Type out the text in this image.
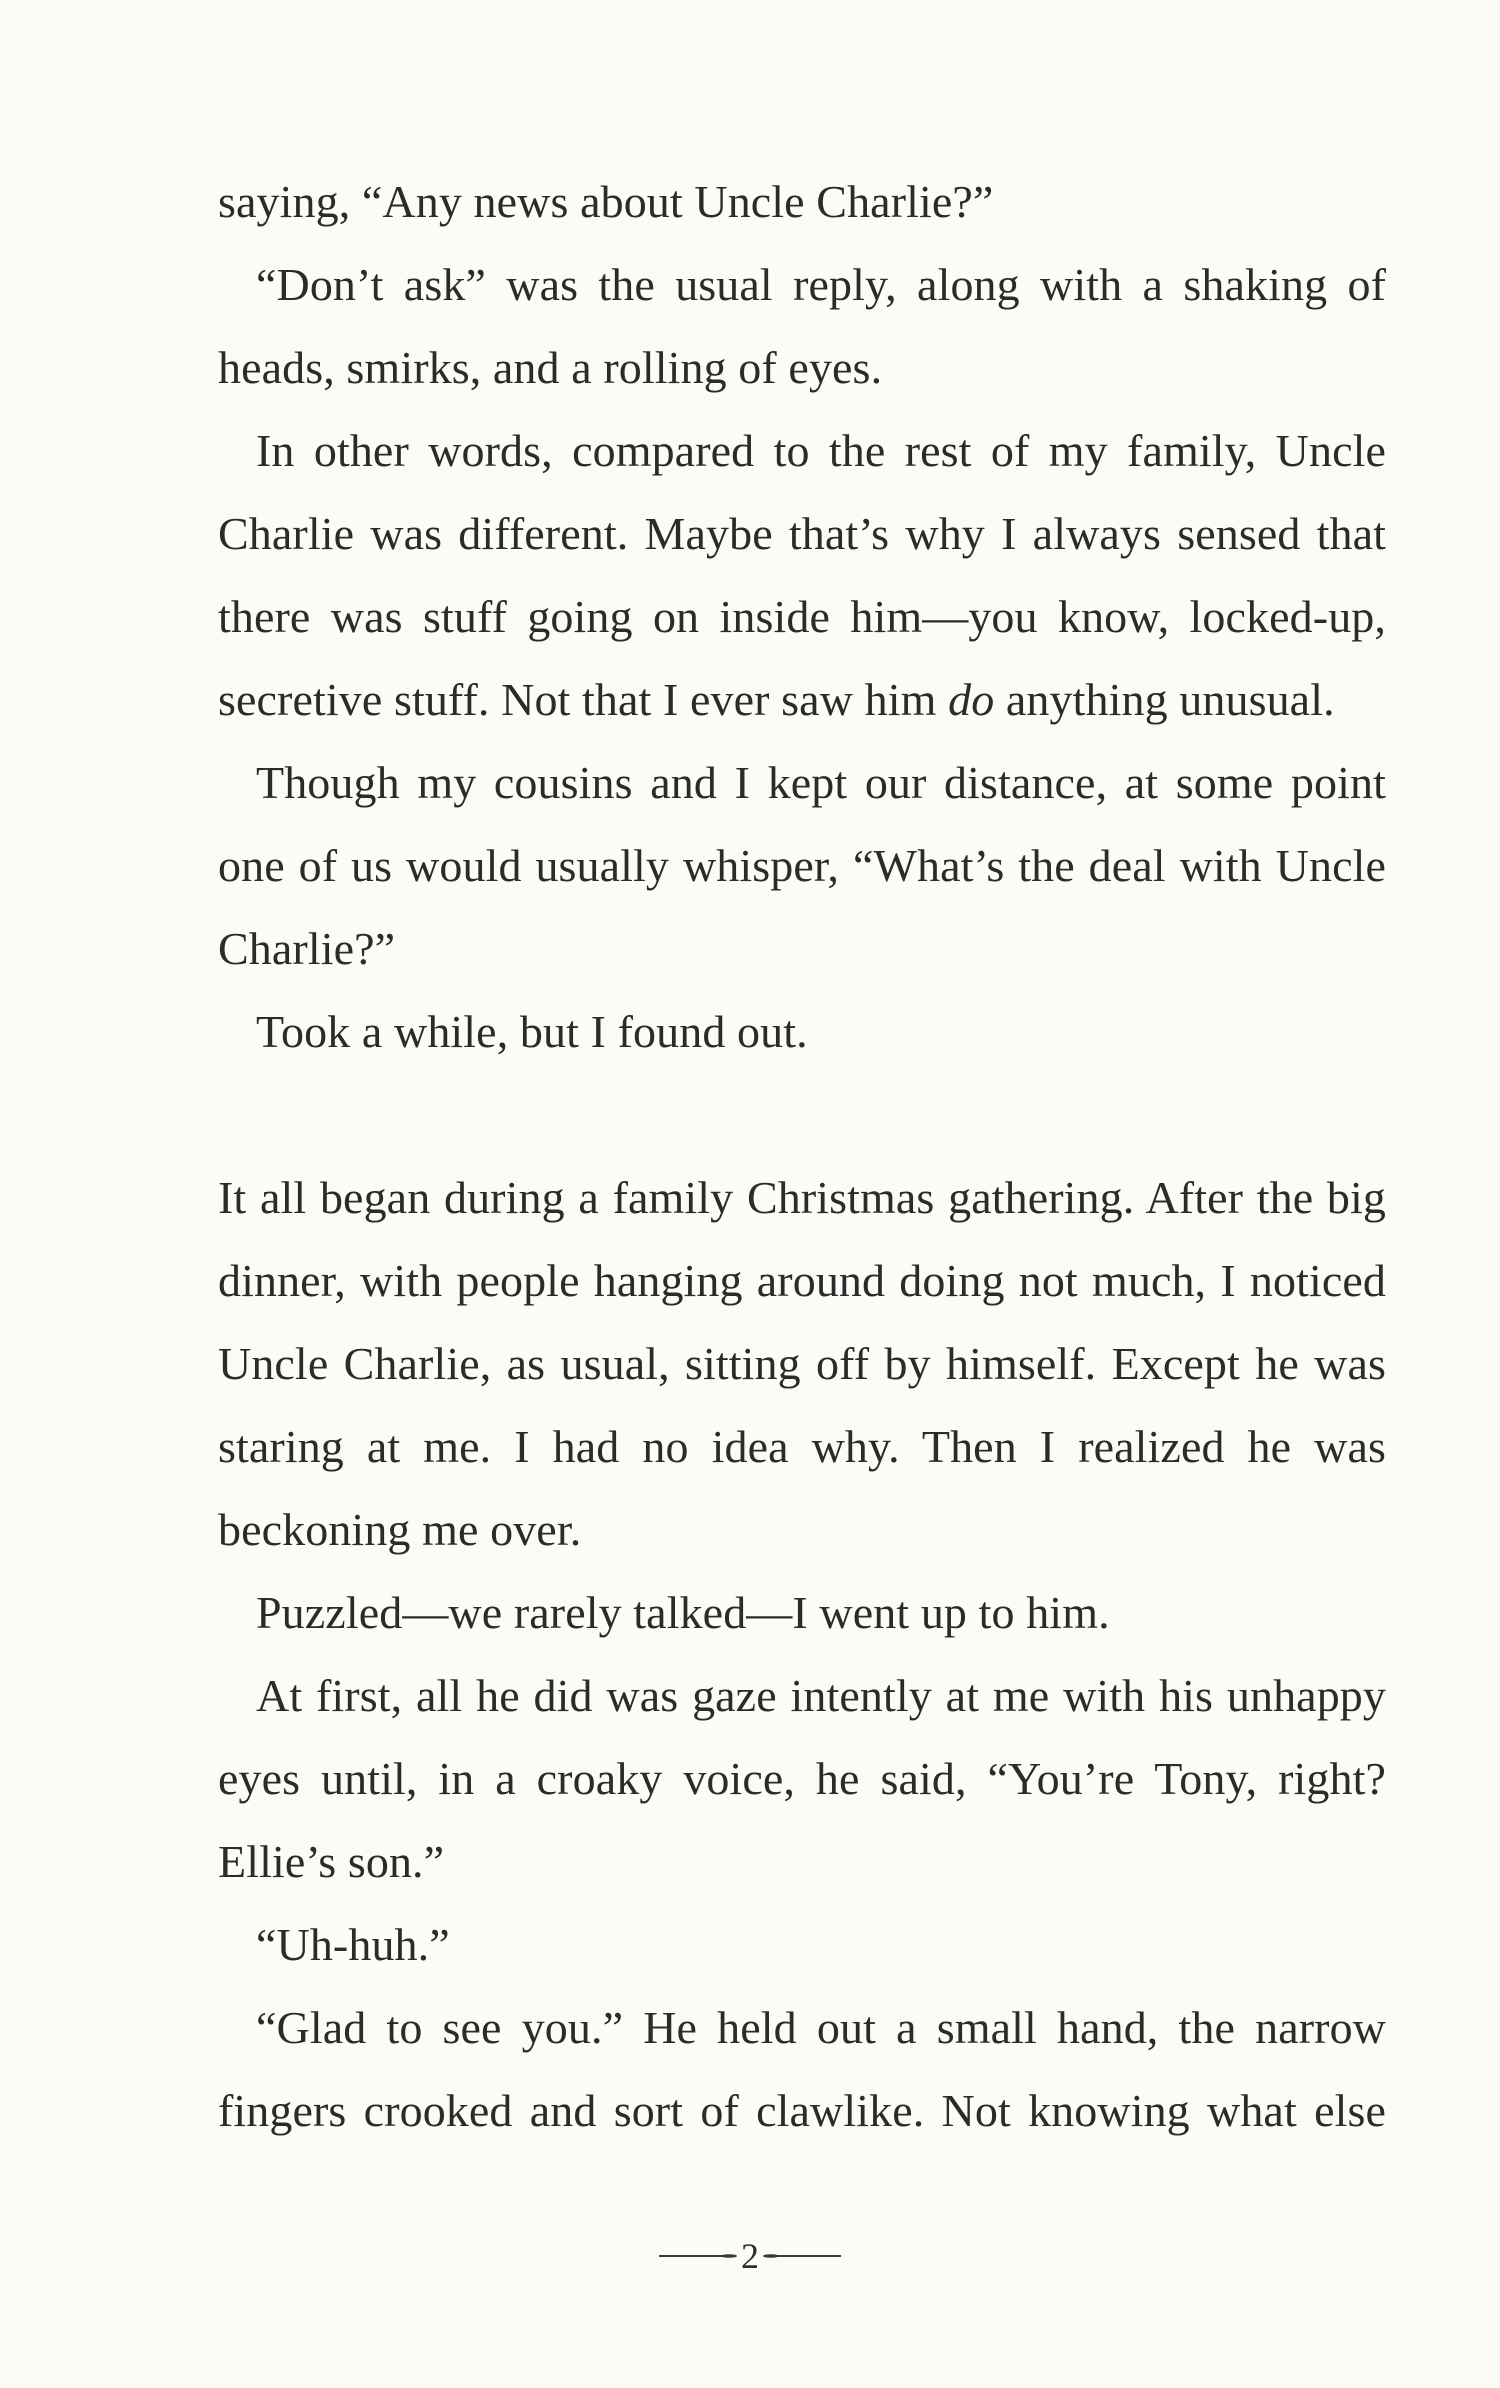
saying, “Any news about Uncle Charlie?”

“Don’t ask” was the usual reply, along with a shaking of heads, smirks, and a rolling of eyes.

In other words, compared to the rest of my family, Uncle Charlie was different. Maybe that’s why I always sensed that there was stuff going on inside him—you know, locked-up, secretive stuff. Not that I ever saw him do anything unusual.

Though my cousins and I kept our distance, at some point one of us would usually whisper, “What’s the deal with Uncle Charlie?”

Took a while, but I found out.

It all began during a family Christmas gathering. After the big dinner, with people hanging around doing not much, I noticed Uncle Charlie, as usual, sitting off by himself. Except he was staring at me. I had no idea why. Then I realized he was beckoning me over.

Puzzled—we rarely talked—I went up to him.

At first, all he did was gaze intently at me with his unhappy eyes until, in a croaky voice, he said, “You’re Tony, right? Ellie’s son.”

“Uh-huh.”

“Glad to see you.” He held out a small hand, the narrow fingers crooked and sort of clawlike. Not knowing what else

2
